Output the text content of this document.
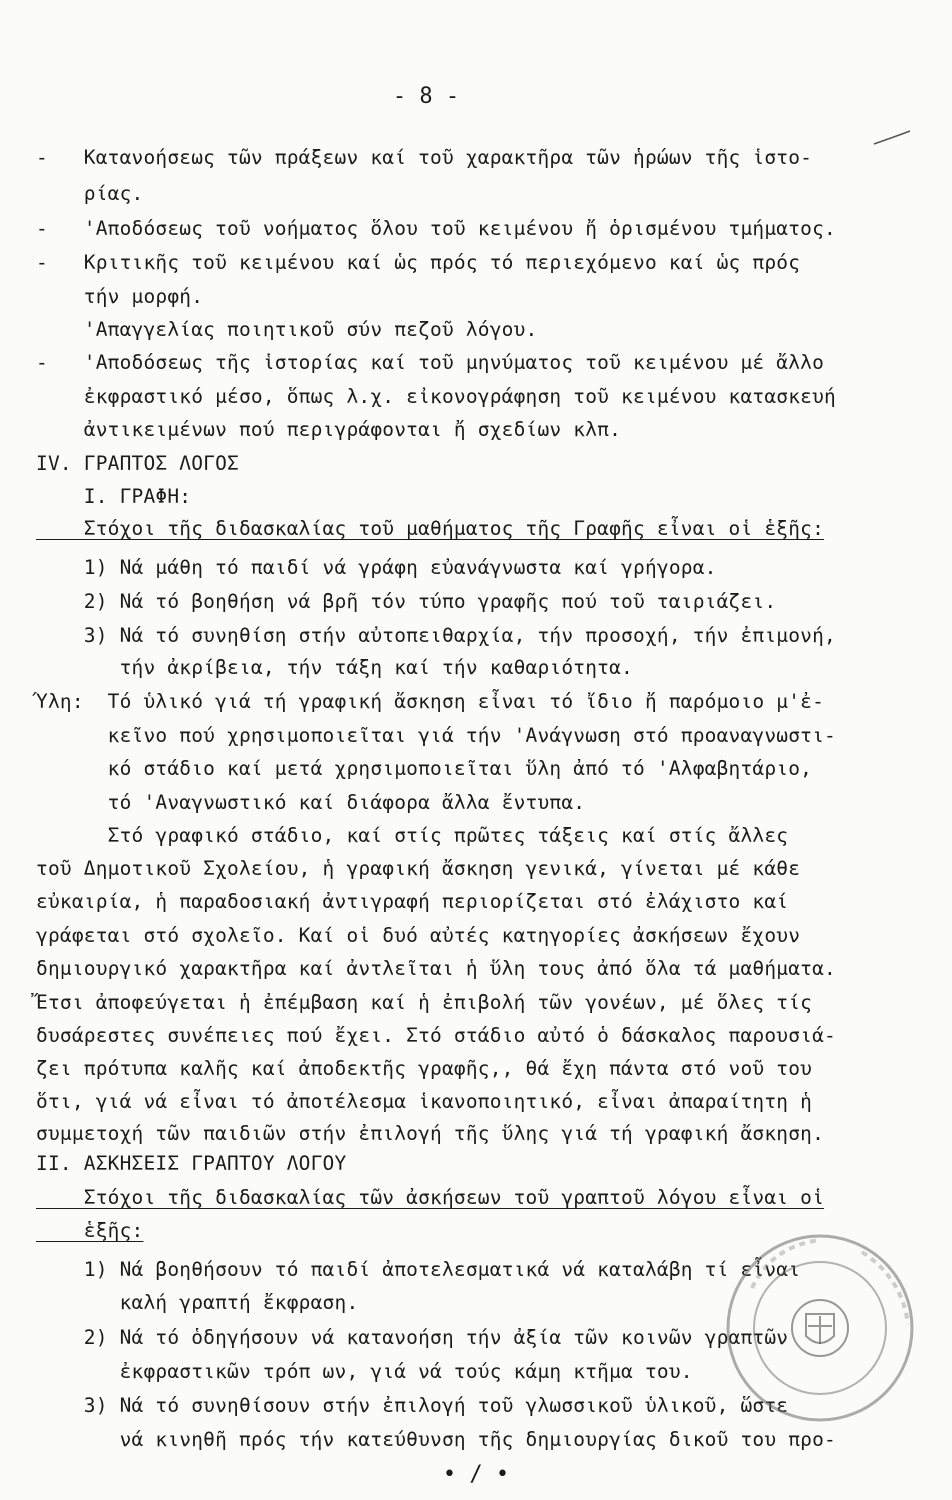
- 8 -
-   Κατανοήσεως τῶν πράξεων καί τοῦ χαρακτῆρα τῶν ἡρώων τῆς ἱστο-
ρίας.
-   'Αποδόσεως τοῦ νοήματος ὅλου τοῦ κειμένου ἤ ὁρισμένου τμήματος.
-   Κριτικῆς τοῦ κειμένου καί ὡς πρός τό περιεχόμενο καί ὡς πρός
τήν μορφή.
'Απαγγελίας ποιητικοῦ σύν πεζοῦ λόγου.
-   'Αποδόσεως τῆς ἱστορίας καί τοῦ μηνύματος τοῦ κειμένου μέ ἄλλο
ἐκφραστικό μέσο, ὅπως λ.χ. εἰκονογράφηση τοῦ κειμένου κατασκευή
ἀντικειμένων πού περιγράφονται ἤ σχεδίων κλπ.
IV. ΓΡΑΠΤΟΣ ΛΟΓΟΣ
I. ΓΡΑΦΗ:
Στόχοι τῆς διδασκαλίας τοῦ μαθήματος τῆς Γραφῆς εἶναι οἱ ἑξῆς:
1) Νά μάθη τό παιδί νά γράφη εὐανάγνωστα καί γρήγορα.
2) Νά τό βοηθήση νά βρῆ τόν τύπο γραφῆς πού τοῦ ταιριάζει.
3) Νά τό συνηθίση στήν αὐτοπειθαρχία, τήν προσοχή, τήν ἐπιμονή,
τήν ἀκρίβεια, τήν τάξη καί τήν καθαριότητα.
Ύλη:  Τό ὑλικό γιά τή γραφική ἄσκηση εἶναι τό ἴδιο ἤ παρόμοιο μ'ἐ-
κεῖνο πού χρησιμοποιεῖται γιά τήν 'Ανάγνωση στό προαναγνωστι-
κό στάδιο καί μετά χρησιμοποιεῖται ὕλη ἀπό τό 'Αλφαβητάριο,
τό 'Αναγνωστικό καί διάφορα ἄλλα ἔντυπα.
Στό γραφικό στάδιο, καί στίς πρῶτες τάξεις καί στίς ἄλλες
τοῦ Δημοτικοῦ Σχολείου, ἡ γραφική ἄσκηση γενικά, γίνεται μέ κάθε
εὐκαιρία, ἡ παραδοσιακή ἀντιγραφή περιορίζεται στό ἐλάχιστο καί
γράφεται στό σχολεῖο. Καί οἱ δυό αὐτές κατηγορίες ἀσκήσεων ἔχουν
δημιουργικό χαρακτῆρα καί ἀντλεῖται ἡ ὕλη τους ἀπό ὅλα τά μαθήματα.
Ἔτσι ἀποφεύγεται ἡ ἐπέμβαση καί ἡ ἐπιβολή τῶν γονέων, μέ ὅλες τίς
δυσάρεστες συνέπειες πού ἔχει. Στό στάδιο αὐτό ὁ δάσκαλος παρουσιά-
ζει πρότυπα καλῆς καί ἀποδεκτῆς γραφῆς,, θά ἔχη πάντα στό νοῦ του
ὅτι, γιά νά εἶναι τό ἀποτέλεσμα ἱκανοποιητικό, εἶναι ἀπαραίτητη ἡ
συμμετοχή τῶν παιδιῶν στήν ἐπιλογή τῆς ὕλης γιά τή γραφική ἄσκηση.
II. ΑΣΚΗΣΕΙΣ ΓΡΑΠΤΟΥ ΛΟΓΟΥ
Στόχοι τῆς διδασκαλίας τῶν ἀσκήσεων τοῦ γραπτοῦ λόγου εἶναι οἱ
ἑξῆς:
1) Νά βοηθήσουν τό παιδί ἀποτελεσματικά νά καταλάβη τί εἶναι
καλή γραπτή ἔκφραση.
2) Νά τό ὁδηγήσουν νά κατανοήση τήν ἀξία τῶν κοινῶν γραπτῶν
ἐκφραστικῶν τρόπ ων, γιά νά τούς κάμη κτῆμα του.
3) Νά τό συνηθίσουν στήν ἐπιλογή τοῦ γλωσσικοῦ ὑλικοῦ, ὥστε
νά κινηθῆ πρός τήν κατεύθυνση τῆς δημιουργίας δικοῦ του προ-
• / •
